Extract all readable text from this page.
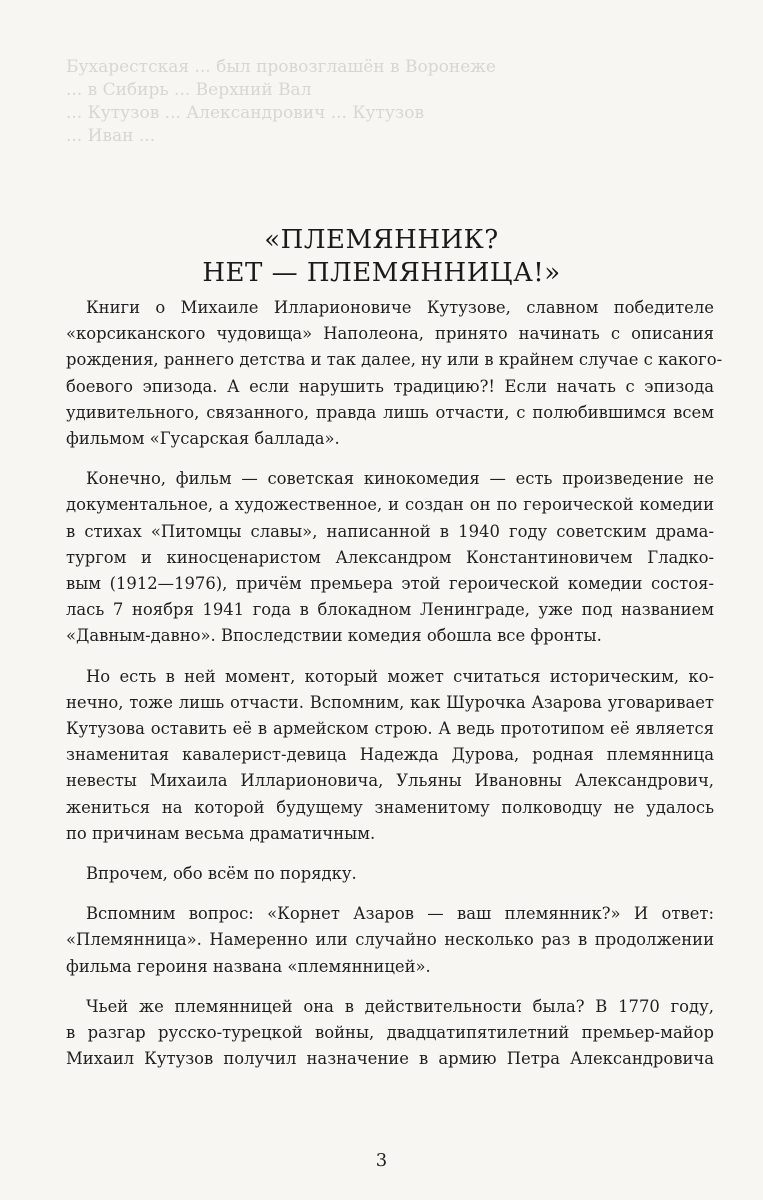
Бухарестская ... был провозглашён в Воронеже
... в Сибирь ... Верхний Вал
... Кутузов ... Александрович ... Кутузов
... Иван ...
«ПЛЕМЯННИК?
НЕТ — ПЛЕМЯННИЦА!»

Книги о Михаиле Илларионовиче Кутузове, славном победителе
«корсиканского чудовища» Наполеона, принято начинать с описания
рождения, раннего детства и так далее, ну или в крайнем случае с какого-
боевого эпизода. А если нарушить традицию?! Если начать с эпизода
удивительного, связанного, правда лишь отчасти, с полюбившимся всем
фильмом «Гусарская баллада».

Конечно, фильм — советская кинокомедия — есть произведение не
документальное, а художественное, и создан он по героической комедии
в стихах «Питомцы славы», написанной в 1940 году советским драма-
тургом и киносценаристом Александром Константиновичем Гладко-
вым (1912—1976), причём премьера этой героической комедии состоя-
лась 7 ноября 1941 года в блокадном Ленинграде, уже под названием
«Давным-давно». Впоследствии комедия обошла все фронты.

Но есть в ней момент, который может считаться историческим, ко-
нечно, тоже лишь отчасти. Вспомним, как Шурочка Азарова уговаривает
Кутузова оставить её в армейском строю. А ведь прототипом её является
знаменитая кавалерист-девица Надежда Дурова, родная племянница
невесты Михаила Илларионовича, Ульяны Ивановны Александрович,
жениться на которой будущему знаменитому полководцу не удалось
по причинам весьма драматичным.

Впрочем, обо всём по порядку.

Вспомним вопрос: «Корнет Азаров — ваш племянник?» И ответ:
«Племянница». Намеренно или случайно несколько раз в продолжении
фильма героиня названа «племянницей».

Чьей же племянницей она в действительности была? В 1770 году,
в разгар русско-турецкой войны, двадцатипятилетний премьер-майор
Михаил Кутузов получил назначение в армию Петра Александровича

3
